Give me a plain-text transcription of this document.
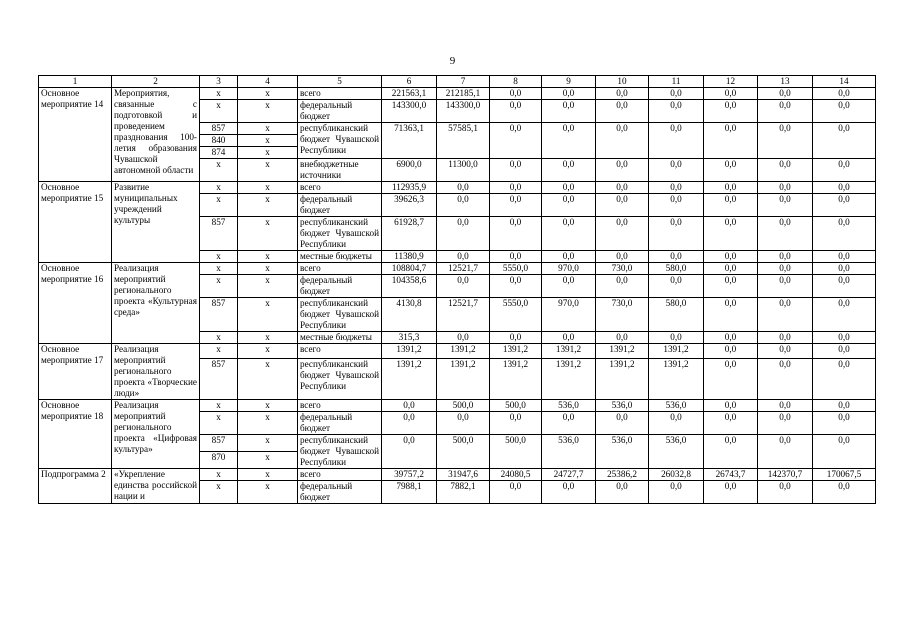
9
1	2	3	4	5	6	7	8	9	10	11	12	13	14
Основное мероприятие 14	Мероприятия, связанные с подготовкой и проведением празднования 100-летия образования Чувашской автономной области	x	x	всего	221563,1	212185,1	0,0	0,0	0,0	0,0	0,0	0,0	0,0
		x	x	федеральный бюджет	143300,0	143300,0	0,0	0,0	0,0	0,0	0,0	0,0	0,0
		857	x	республиканский бюджет Чувашской Республики	71363,1	57585,1	0,0	0,0	0,0	0,0	0,0	0,0	0,0
		840	x										
		874	x										
		x	x	внебюджетные источники	6900,0	11300,0	0,0	0,0	0,0	0,0	0,0	0,0	0,0
Основное мероприятие 15	Развитие муниципальных учреждений культуры	x	x	всего	112935,9	0,0	0,0	0,0	0,0	0,0	0,0	0,0	0,0
		x	x	федеральный бюджет	39626,3	0,0	0,0	0,0	0,0	0,0	0,0	0,0	0,0
		857	x	республиканский бюджет Чувашской Республики	61928,7	0,0	0,0	0,0	0,0	0,0	0,0	0,0	0,0
		x	x	местные бюджеты	11380,9	0,0	0,0	0,0	0,0	0,0	0,0	0,0	0,0
Основное мероприятие 16	Реализация мероприятий регионального проекта «Культурная среда»	x	x	всего	108804,7	12521,7	5550,0	970,0	730,0	580,0	0,0	0,0	0,0
		x	x	федеральный бюджет	104358,6	0,0	0,0	0,0	0,0	0,0	0,0	0,0	0,0
		857	x	республиканский бюджет Чувашской Республики	4130,8	12521,7	5550,0	970,0	730,0	580,0	0,0	0,0	0,0
		x	x	местные бюджеты	315,3	0,0	0,0	0,0	0,0	0,0	0,0	0,0	0,0
Основное мероприятие 17	Реализация мероприятий регионального проекта «Творческие люди»	x	x	всего	1391,2	1391,2	1391,2	1391,2	1391,2	1391,2	0,0	0,0	0,0
		857	x	республиканский бюджет Чувашской Республики	1391,2	1391,2	1391,2	1391,2	1391,2	1391,2	0,0	0,0	0,0
Основное мероприятие 18	Реализация мероприятий регионального проекта «Цифровая культура»	x	x	всего	0,0	500,0	500,0	536,0	536,0	536,0	0,0	0,0	0,0
		x	x	федеральный бюджет	0,0	0,0	0,0	0,0	0,0	0,0	0,0	0,0	0,0
		857	x	республиканский бюджет Чувашской Республики	0,0	500,0	500,0	536,0	536,0	536,0	0,0	0,0	0,0
		870	x										
Подпрограмма 2	«Укрепление единства российской нации и	x	x	всего	39757,2	31947,6	24080,5	24727,7	25386,2	26032,8	26743,7	142370,7	170067,5
		x	x	федеральный бюджет	7988,1	7882,1	0,0	0,0	0,0	0,0	0,0	0,0	0,0
